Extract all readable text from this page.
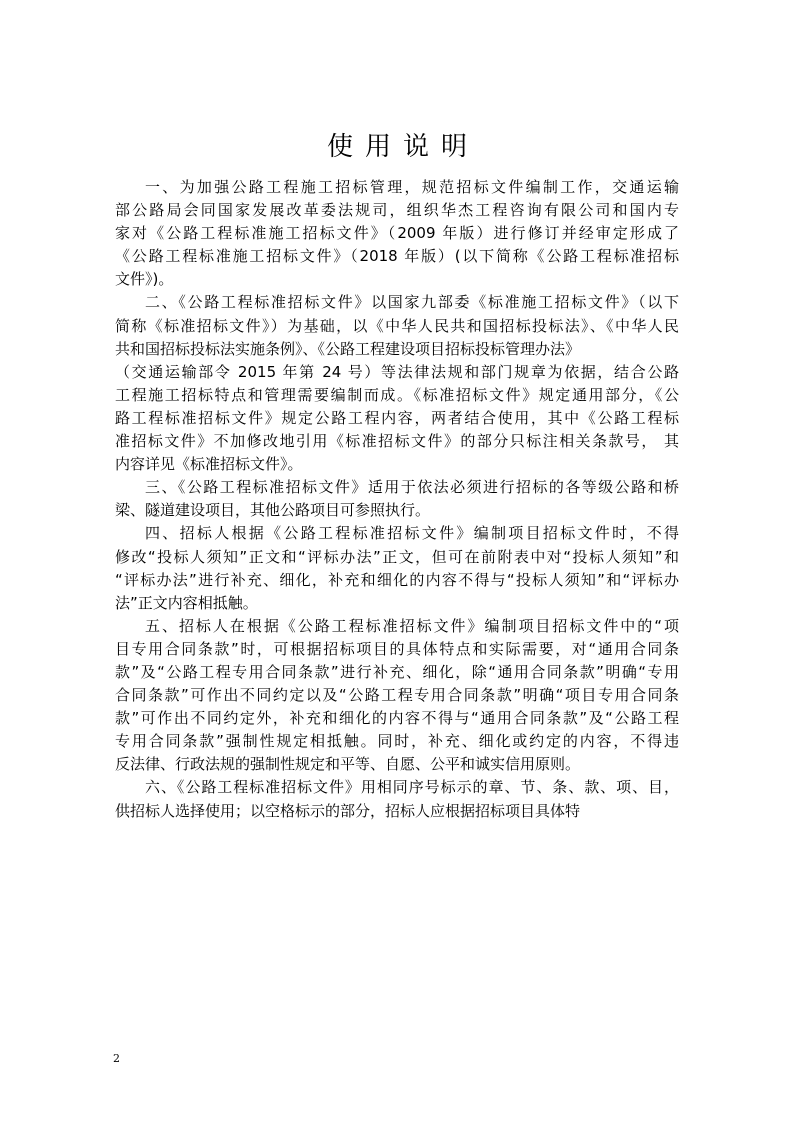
使用说明
一、为加强公路工程施工招标管理，规范招标文件编制工作，交通运输
部公路局会同国家发展改革委法规司，组织华杰工程咨询有限公司和国内专
家对《公路工程标准施工招标文件》（2009 年版）进行修订并经审定形成了
《公路工程标准施工招标文件》（2018 年版）(以下简称《公路工程标准招标
文件》)。
二、《公路工程标准招标文件》以国家九部委《标准施工招标文件》（以下
简称《标准招标文件》）为基础，以《中华人民共和国招标投标法》、《中华人民
共和国招标投标法实施条例》、《公路工程建设项目招标投标管理办法》
（交通运输部令 2015 年第 24 号）等法律法规和部门规章为依据，结合公路
工程施工招标特点和管理需要编制而成。《标准招标文件》规定通用部分，《公
路工程标准招标文件》规定公路工程内容，两者结合使用，其中《公路工程标
准招标文件》不加修改地引用《标准招标文件》的部分只标注相关条款号， 其
内容详见《标准招标文件》。
三、《公路工程标准招标文件》适用于依法必须进行招标的各等级公路和桥
梁、隧道建设项目，其他公路项目可参照执行。
四、招标人根据《公路工程标准招标文件》编制项目招标文件时，不得
修改“投标人须知”正文和“评标办法”正文，但可在前附表中对“投标人须知”和
“评标办法”进行补充、细化，补充和细化的内容不得与“投标人须知”和“评标办
法”正文内容相抵触。
五、招标人在根据《公路工程标准招标文件》编制项目招标文件中的“项
目专用合同条款”时，可根据招标项目的具体特点和实际需要，对“通用合同条
款”及“公路工程专用合同条款”进行补充、细化，除“通用合同条款”明确“专用
合同条款”可作出不同约定以及“公路工程专用合同条款”明确“项目专用合同条
款”可作出不同约定外，补充和细化的内容不得与“通用合同条款”及“公路工程
专用合同条款”强制性规定相抵触。同时，补充、细化或约定的内容，不得违
反法律、行政法规的强制性规定和平等、自愿、公平和诚实信用原则。
六、《公路工程标准招标文件》用相同序号标示的章、节、条、款、项、目，
供招标人选择使用；以空格标示的部分，招标人应根据招标项目具体特
2
